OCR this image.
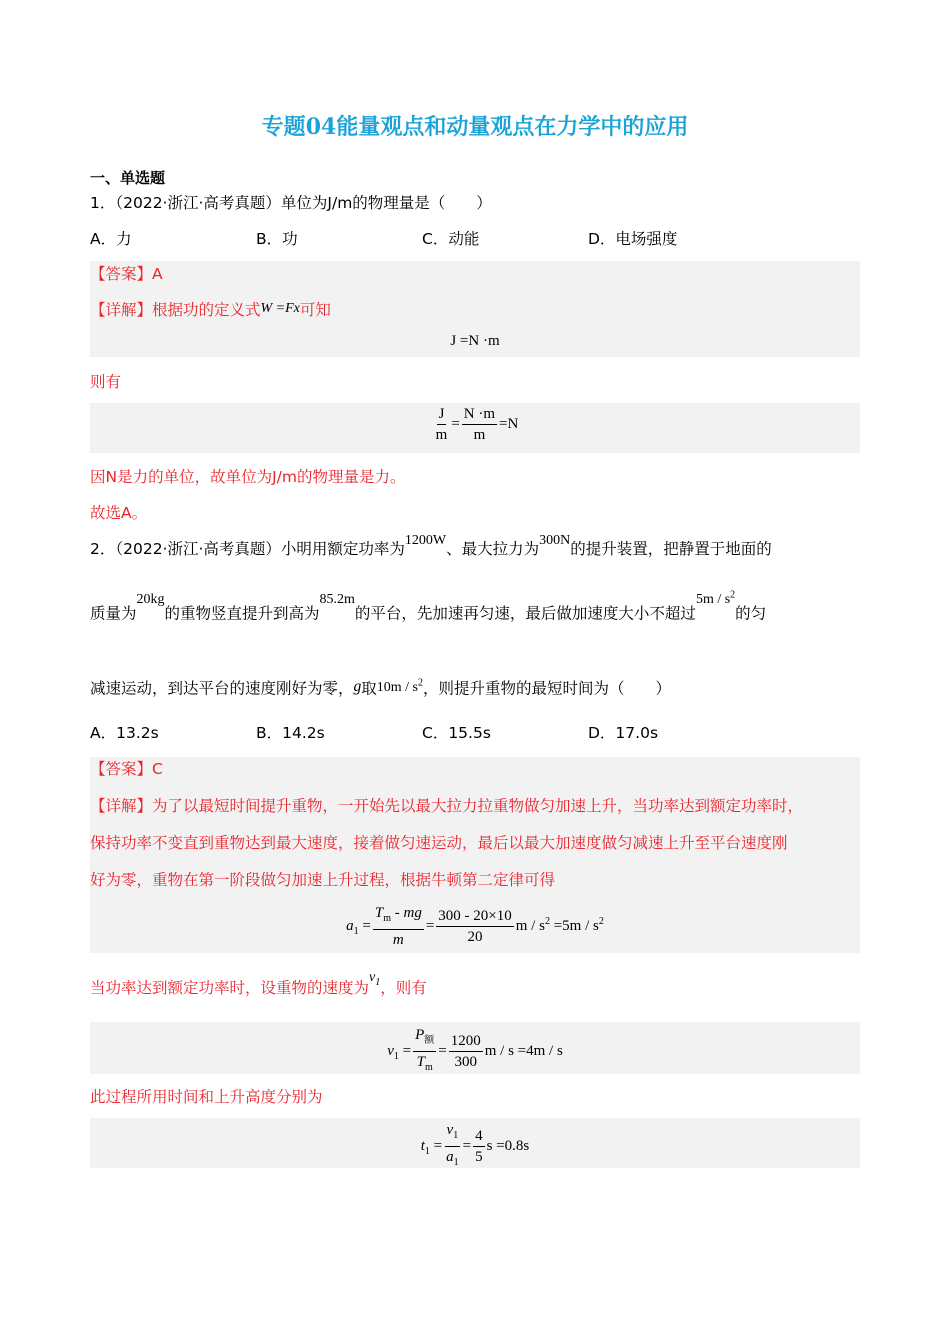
专题04能量观点和动量观点在力学中的应用
一、单选题
1．（2022·浙江·高考真题）单位为J/m的物理量是（　　）
A．力	B．功	C．动能	D．电场强度
【答案】A
【详解】根据功的定义式W =Fx可知
J =N ·m
则有
$\frac{J}{m} = \frac{N \cdot m}{m} =N$
因N是力的单位，故单位为J/m的物理量是力。
故选A。
2．（2022·浙江·高考真题）小明用额定功率为1200W、最大拉力为300N的提升装置，把静置于地面的
质量为20kg的重物竖直提升到高为85.2m的平台，先加速再匀速，最后做加速度大小不超过$5m / s^2$的匀
减速运动，到达平台的速度刚好为零，g取$10m / s^2$，则提升重物的最短时间为（　　）
A．13.2s	B．14.2s	C．15.5s	D．17.0s
【答案】C
【详解】为了以最短时间提升重物，一开始先以最大拉力拉重物做匀加速上升，当功率达到额定功率时，
保持功率不变直到重物达到最大速度，接着做匀速运动，最后以最大加速度做匀减速上升至平台速度刚
好为零，重物在第一阶段做匀加速上升过程，根据牛顿第二定律可得
$a_1 = \frac{T_m - mg}{m} = \frac{300 - 20\times 10}{20}$ $m / s^2 =5m / s^2$
当功率达到额定功率时，设重物的速度为$v_1$，则有
$v_1 = \frac{P_额}{T_m} = \frac{1200}{300}$ m / s =4m / s
此过程所用时间和上升高度分别为
$t_1 = \frac{v_1}{a_1} = \frac{4}{5}$ s =0.8s
